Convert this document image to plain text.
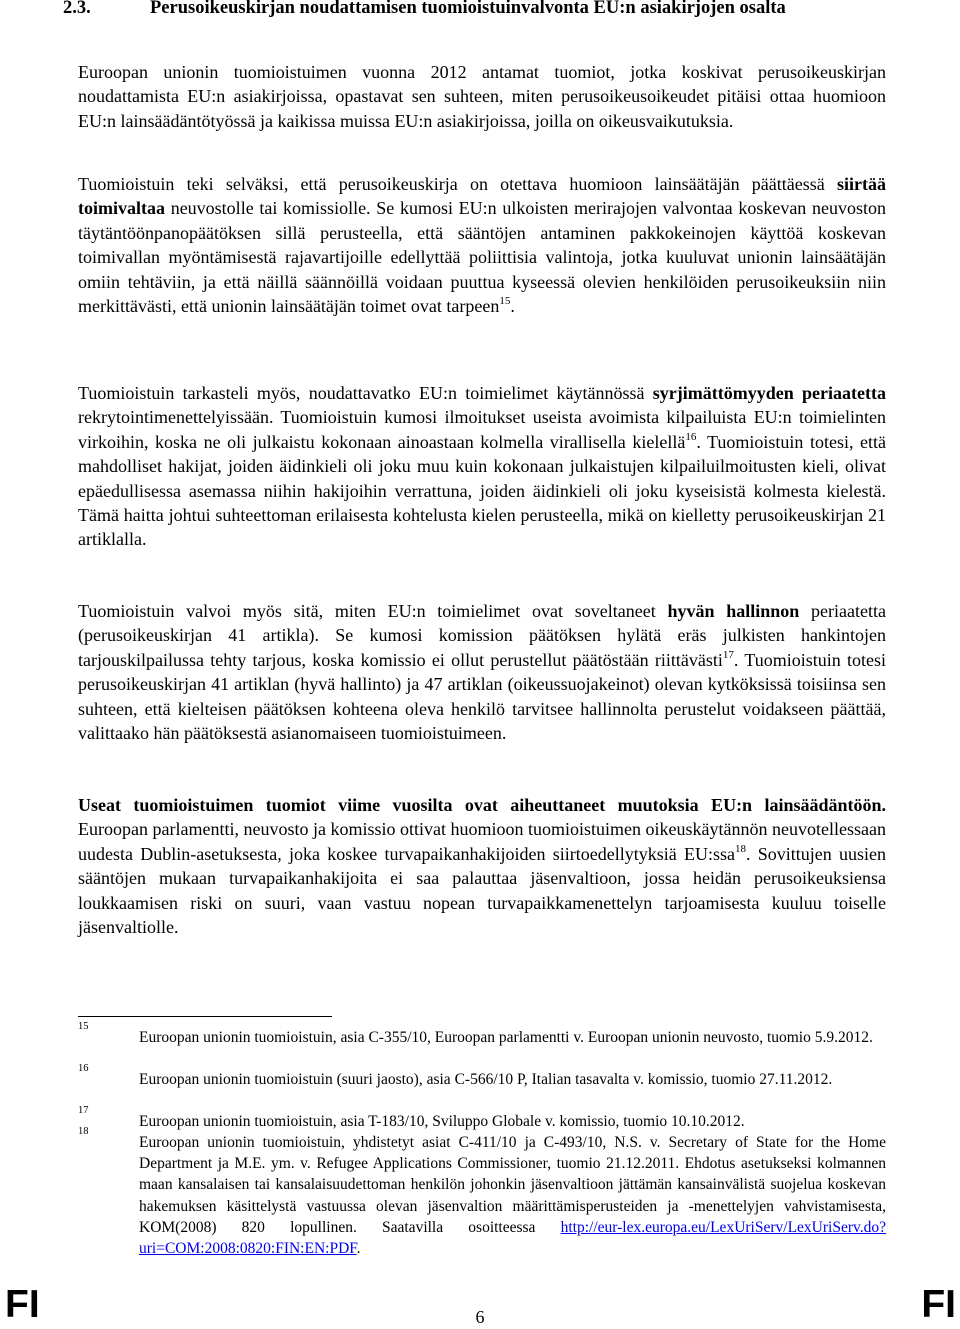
2.3.	Perusoikeuskirjan noudattamisen tuomioistuinvalvonta EU:n asiakirjojen osalta

Euroopan unionin tuomioistuimen vuonna 2012 antamat tuomiot, jotka koskivat perusoikeuskirjan noudattamista EU:n asiakirjoissa, opastavat sen suhteen, miten perusoikeusoikeudet pitäisi ottaa huomioon EU:n lainsäädäntötyössä ja kaikissa muissa EU:n asiakirjoissa, joilla on oikeusvaikutuksia.

Tuomioistuin teki selväksi, että perusoikeuskirja on otettava huomioon lainsäätäjän päättäessä siirtää toimivaltaa neuvostolle tai komissiolle. Se kumosi EU:n ulkoisten merirajojen valvontaa koskevan neuvoston täytäntöönpanopäätöksen sillä perusteella, että sääntöjen antaminen pakkokeinojen käyttöä koskevan toimivallan myöntämisestä rajavartijoille edellyttää poliittisia valintoja, jotka kuuluvat unionin lainsäätäjän omiin tehtäviin, ja että näillä säännöillä voidaan puuttua kyseessä olevien henkilöiden perusoikeuksiin niin merkittävästi, että unionin lainsäätäjän toimet ovat tarpeen$^{15}$.

Tuomioistuin tarkasteli myös, noudattavatko EU:n toimielimet käytännössä syrjimättömyyden periaatetta rekrytointimenettelyissään. Tuomioistuin kumosi ilmoitukset useista avoimista kilpailuista EU:n toimielinten virkoihin, koska ne oli julkaistu kokonaan ainoastaan kolmella virallisella kielellä$^{16}$. Tuomioistuin totesi, että mahdolliset hakijat, joiden äidinkieli oli joku muu kuin kokonaan julkaistujen kilpailuilmoitusten kieli, olivat epäedullisessa asemassa niihin hakijoihin verrattuna, joiden äidinkieli oli joku kyseisistä kolmesta kielestä. Tämä haitta johtui suhteettoman erilaisesta kohtelusta kielen perusteella, mikä on kielletty perusoikeuskirjan 21 artiklalla.

Tuomioistuin valvoi myös sitä, miten EU:n toimielimet ovat soveltaneet hyvän hallinnon periaatetta (perusoikeuskirjan 41 artikla). Se kumosi komission päätöksen hylätä eräs julkisten hankintojen tarjouskilpailussa tehty tarjous, koska komissio ei ollut perustellut päätöstään riittävästi$^{17}$. Tuomioistuin totesi perusoikeuskirjan 41 artiklan (hyvä hallinto) ja 47 artiklan (oikeussuojakeinot) olevan kytköksissä toisiinsa sen suhteen, että kielteisen päätöksen kohteena oleva henkilö tarvitsee hallinnolta perustelut voidakseen päättää, valittaako hän päätöksestä asianomaiseen tuomioistuimeen.

Useat tuomioistuimen tuomiot viime vuosilta ovat aiheuttaneet muutoksia EU:n lainsäädäntöön. Euroopan parlamentti, neuvosto ja komissio ottivat huomioon tuomioistuimen oikeuskäytännön neuvotellessaan uudesta Dublin-asetuksesta, joka koskee turvapaikanhakijoiden siirtoedellytyksiä EU:ssa$^{18}$. Sovittujen uusien sääntöjen mukaan turvapaikanhakijoita ei saa palauttaa jäsenvaltioon, jossa heidän perusoikeuksiensa loukkaamisen riski on suuri, vaan vastuu nopean turvapaikkamenettelyn tarjoamisesta kuuluu toiselle jäsenvaltiolle.

15
Euroopan unionin tuomioistuin, asia C-355/10, Euroopan parlamentti v. Euroopan unionin neuvosto, tuomio 5.9.2012.
16
Euroopan unionin tuomioistuin (suuri jaosto), asia C-566/10 P, Italian tasavalta v. komissio, tuomio 27.11.2012.
17
Euroopan unionin tuomioistuin, asia T-183/10, Sviluppo Globale v. komissio, tuomio 10.10.2012.
18
Euroopan unionin tuomioistuin, yhdistetyt asiat C-411/10 ja C-493/10, N.S. v. Secretary of State for the Home Department ja M.E. ym. v. Refugee Applications Commissioner, tuomio 21.12.2011. Ehdotus asetukseksi kolmannen maan kansalaisen tai kansalaisuudettoman henkilön johonkin jäsenvaltioon jättämän kansainvälistä suojelua koskevan hakemuksen käsittelystä vastuussa olevan jäsenvaltion määrittämisperusteiden ja -menettelyjen vahvistamisesta, KOM(2008) 820 lopullinen. Saatavilla osoitteessa http://eur-lex.europa.eu/LexUriServ/LexUriServ.do?uri=COM:2008:0820:FIN:EN:PDF.
FI	6	FI
